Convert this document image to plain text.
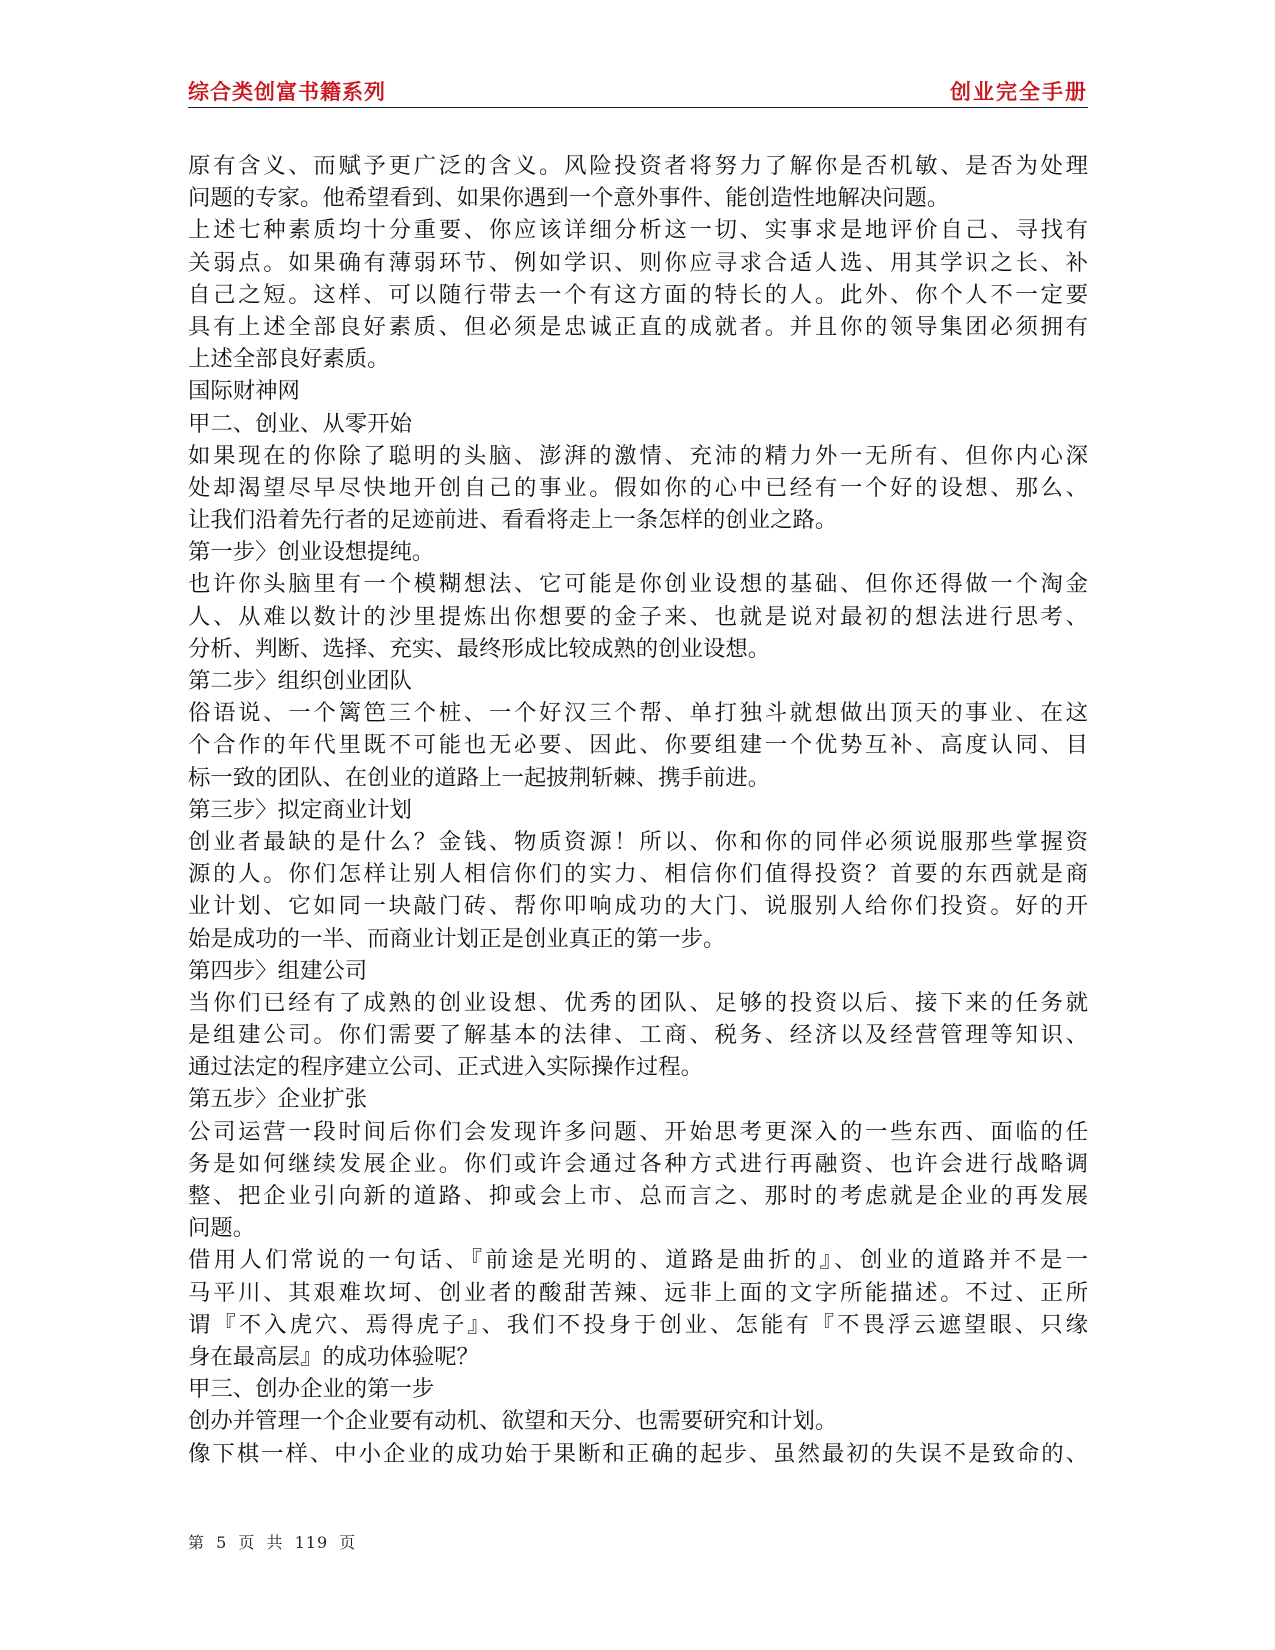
综合类创富书籍系列	创业完全手册
原有含义、而赋予更广泛的含义。风险投资者将努力了解你是否机敏、是否为处理
问题的专家。他希望看到、如果你遇到一个意外事件、能创造性地解决问题。
上述七种素质均十分重要、你应该详细分析这一切、实事求是地评价自己、寻找有
关弱点。如果确有薄弱环节、例如学识、则你应寻求合适人选、用其学识之长、补
自己之短。这样、可以随行带去一个有这方面的特长的人。此外、你个人不一定要
具有上述全部良好素质、但必须是忠诚正直的成就者。并且你的领导集团必须拥有
上述全部良好素质。
国际财神网
甲二、创业、从零开始
如果现在的你除了聪明的头脑、澎湃的激情、充沛的精力外一无所有、但你内心深
处却渴望尽早尽快地开创自己的事业。假如你的心中已经有一个好的设想、那么、
让我们沿着先行者的足迹前进、看看将走上一条怎样的创业之路。
第一步〉创业设想提纯。
也许你头脑里有一个模糊想法、它可能是你创业设想的基础、但你还得做一个淘金
人、从难以数计的沙里提炼出你想要的金子来、也就是说对最初的想法进行思考、
分析、判断、选择、充实、最终形成比较成熟的创业设想。
第二步〉组织创业团队
俗语说、一个篱笆三个桩、一个好汉三个帮、单打独斗就想做出顶天的事业、在这
个合作的年代里既不可能也无必要、因此、你要组建一个优势互补、高度认同、目
标一致的团队、在创业的道路上一起披荆斩棘、携手前进。
第三步〉拟定商业计划
创业者最缺的是什么？金钱、物质资源！所以、你和你的同伴必须说服那些掌握资
源的人。你们怎样让别人相信你们的实力、相信你们值得投资？首要的东西就是商
业计划、它如同一块敲门砖、帮你叩响成功的大门、说服别人给你们投资。好的开
始是成功的一半、而商业计划正是创业真正的第一步。
第四步〉组建公司
当你们已经有了成熟的创业设想、优秀的团队、足够的投资以后、接下来的任务就
是组建公司。你们需要了解基本的法律、工商、税务、经济以及经营管理等知识、
通过法定的程序建立公司、正式进入实际操作过程。
第五步〉企业扩张
公司运营一段时间后你们会发现许多问题、开始思考更深入的一些东西、面临的任
务是如何继续发展企业。你们或许会通过各种方式进行再融资、也许会进行战略调
整、把企业引向新的道路、抑或会上市、总而言之、那时的考虑就是企业的再发展
问题。
借用人们常说的一句话、『前途是光明的、道路是曲折的』、创业的道路并不是一
马平川、其艰难坎坷、创业者的酸甜苦辣、远非上面的文字所能描述。不过、正所
谓『不入虎穴、焉得虎子』、我们不投身于创业、怎能有『不畏浮云遮望眼、只缘
身在最高层』的成功体验呢？
甲三、创办企业的第一步
创办并管理一个企业要有动机、欲望和天分、也需要研究和计划。
像下棋一样、中小企业的成功始于果断和正确的起步、虽然最初的失误不是致命的、
第 5 页 共 119 页
